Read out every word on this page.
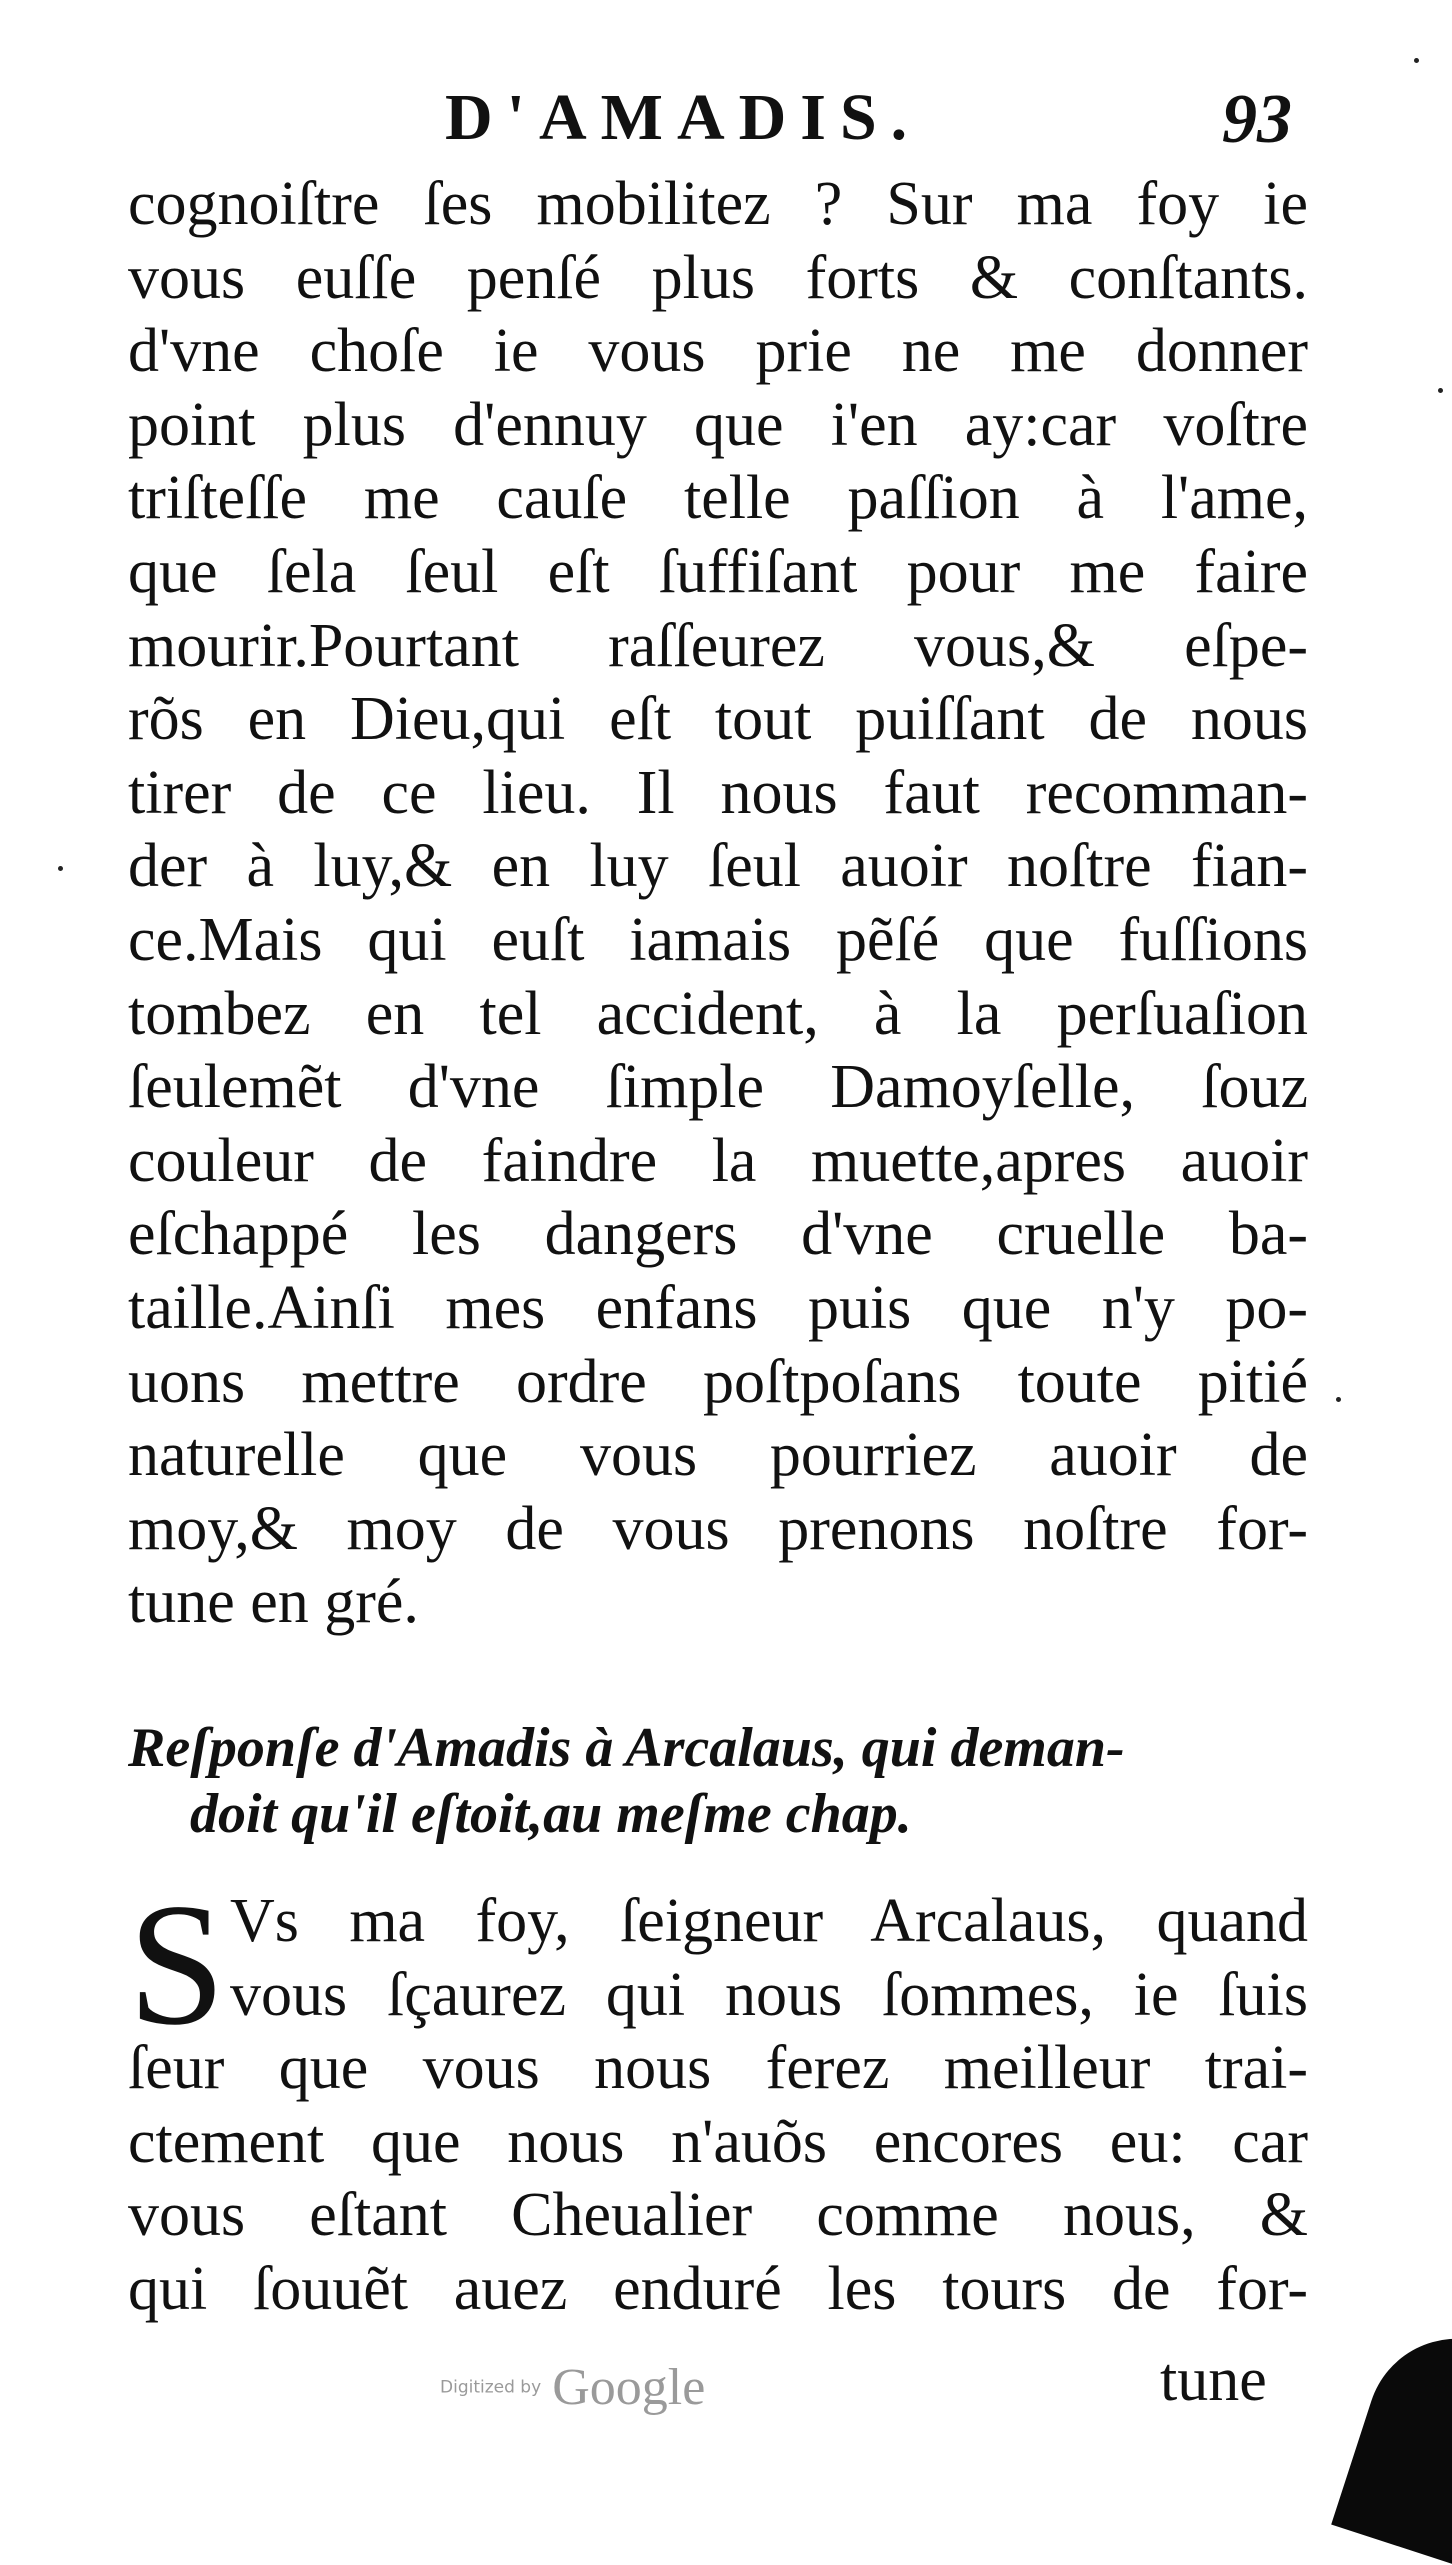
D'AMADIS.	93
cognoiſtre ſes mobilitez ? Sur ma foy ie
vous euſſe penſé plus forts & conſtants.
d'vne choſe ie vous prie ne me donner
point plus d'ennuy que i'en ay:car voſtre
triſteſſe me cauſe telle paſſion à l'ame,
que ſela ſeul eſt ſuffiſant pour me faire
mourir.Pourtant raſſeurez vous,& eſpe-
rõs en Dieu,qui eſt tout puiſſant de nous
tirer de ce lieu. Il nous faut recomman-
der à luy,& en luy ſeul auoir noſtre fian-
ce.Mais qui euſt iamais pẽſé que fuſſions
tombez en tel accident, à la perſuaſion
ſeulemẽt d'vne ſimple Damoyſelle, ſouz
couleur de faindre la muette,apres auoir
eſchappé les dangers d'vne cruelle ba-
taille.Ainſi mes enfans puis que n'y po-
uons mettre ordre poſtpoſans toute pitié
naturelle que vous pourriez auoir de
moy,& moy de vous prenons noſtre for-
tune en gré.
Reſponſe d'Amadis à Arcalaus, qui deman-
doit qu'il eſtoit,au meſme chap.
S Vs ma foy, ſeigneur Arcalaus, quand
vous ſçaurez qui nous ſommes, ie ſuis
ſeur que vous nous ferez meilleur trai-
ctement que nous n'auõs encores eu: car
vous eſtant Cheualier comme nous, &
qui ſouuẽt auez enduré les tours de for-
tune
Digitized by Google
